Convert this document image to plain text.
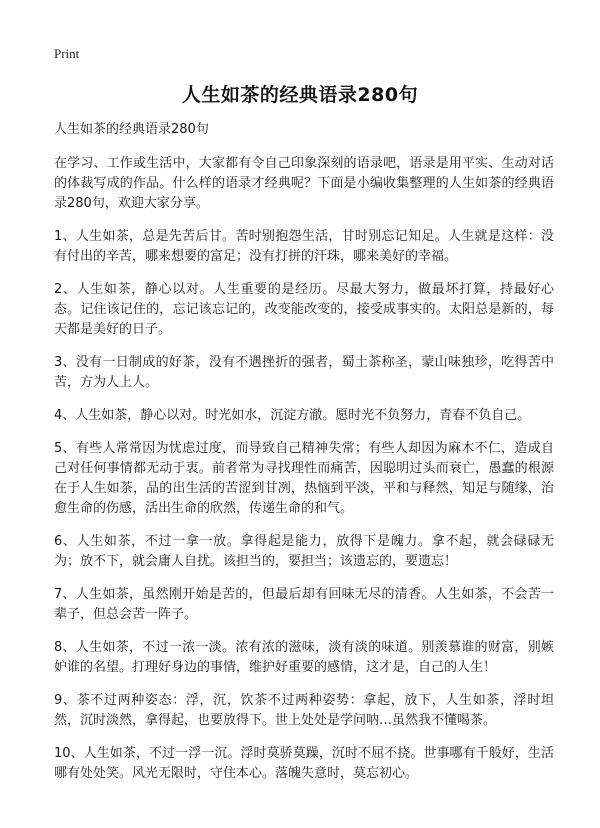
Print
人生如茶的经典语录280句

人生如茶的经典语录280句

在学习、工作或生活中，大家都有令自己印象深刻的语录吧，语录是用平实、生动对话的体裁写成的作品。什么样的语录才经典呢？下面是小编收集整理的人生如茶的经典语录280句，欢迎大家分享。

1、人生如茶，总是先苦后甘。苦时别抱怨生活，甘时别忘记知足。人生就是这样：没有付出的辛苦，哪来想要的富足；没有打拼的汗珠，哪来美好的幸福。

2、人生如茶，静心以对。人生重要的是经历。尽最大努力，做最坏打算，持最好心态。记住该记住的，忘记该忘记的，改变能改变的，接受成事实的。太阳总是新的，每天都是美好的日子。

3、没有一日制成的好茶，没有不遇挫折的强者，蜀土茶称圣，蒙山味独珍，吃得苦中苦，方为人上人。

4、人生如茶，静心以对。时光如水，沉淀方澈。愿时光不负努力，青春不负自己。

5、有些人常常因为忧虑过度，而导致自己精神失常；有些人却因为麻木不仁，造成自己对任何事情都无动于衷。前者常为寻找理性而痛苦，因聪明过头而衰亡，愚蠢的根源在于人生如茶，品的出生活的苦涩到甘冽，热恼到平淡，平和与释然，知足与随缘，治愈生命的伤感，活出生命的欣然，传递生命的和气。

6、人生如茶，不过一拿一放。拿得起是能力，放得下是魄力。拿不起，就会碌碌无为；放不下，就会庸人自扰。该担当的，要担当；该遗忘的，要遗忘！

7、人生如茶，虽然刚开始是苦的，但最后却有回味无尽的清香。人生如茶，不会苦一辈子，但总会苦一阵子。

8、人生如茶，不过一浓一淡。浓有浓的滋味，淡有淡的味道。别羡慕谁的财富，别嫉妒谁的名望。打理好身边的事情，维护好重要的感情，这才是，自己的人生！

9、茶不过两种姿态：浮，沉，饮茶不过两种姿势：拿起，放下，人生如茶，浮时坦然，沉时淡然，拿得起，也要放得下。世上处处是学问呐…虽然我不懂喝茶。

10、人生如茶，不过一浮一沉。浮时莫骄莫躁，沉时不屈不挠。世事哪有千般好，生活哪有处处笑。风光无限时，守住本心。落魄失意时，莫忘初心。
